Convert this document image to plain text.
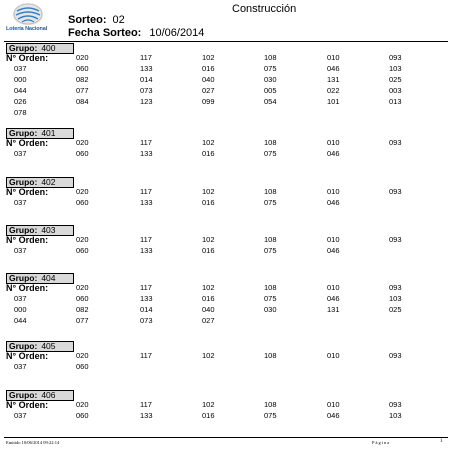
Lotería Nacional
Construcción
Sorteo: 02
Fecha Sorteo: 10/06/2014
Grupo: 400
N° Orden:	020	117	102	108	010	093
037	060	133	016	075	046	103
000	082	014	040	030	131	025
044	077	073	027	005	022	003
026	084	123	099	054	101	013
078
Grupo: 401
N° Orden:	020	117	102	108	010	093
037	060	133	016	075	046
Grupo: 402
N° Orden:	020	117	102	108	010	093
037	060	133	016	075	046
Grupo: 403
N° Orden:	020	117	102	108	010	093
037	060	133	016	075	046
Grupo: 404
N° Orden:	020	117	102	108	010	093
037	060	133	016	075	046	103
000	082	014	040	030	131	025
044	077	073	027
Grupo: 405
N° Orden:	020	117	102	108	010	093
037	060
Grupo: 406
N° Orden:	020	117	102	108	010	093
037	060	133	016	075	046	103
Emitido 10/06/2014 09:22:14	Página	1
